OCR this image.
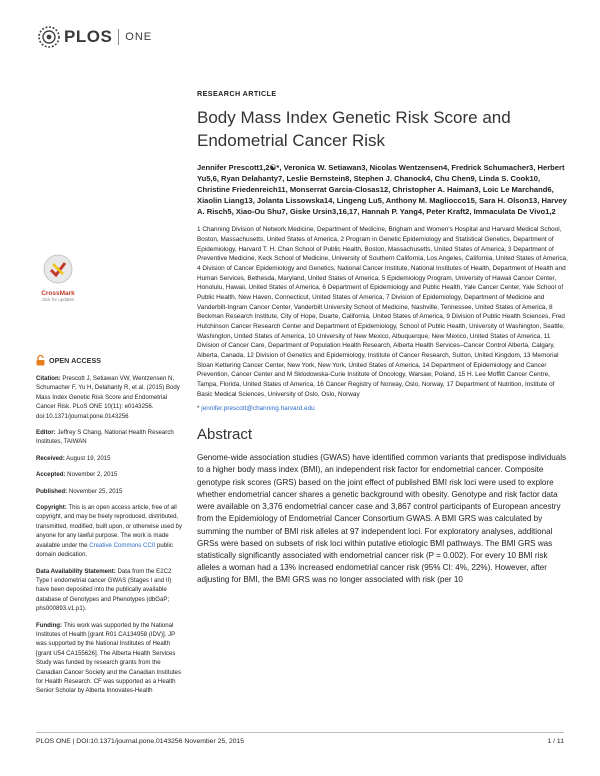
PLOS ONE
CrossMark
click for updates
OPEN ACCESS
Citation: Prescott J, Setiawan VW, Wentzensen N, Schumacher F, Yu H, Delahanty R, et al. (2015) Body Mass Index Genetic Risk Score and Endometrial Cancer Risk. PLoS ONE 10(11): e0143256. doi:10.1371/journal.pone.0143256
Editor: Jeffrey S Chang, National Health Research Institutes, TAIWAN
Received: August 19, 2015
Accepted: November 2, 2015
Published: November 25, 2015
Copyright: This is an open access article, free of all copyright, and may be freely reproduced, distributed, transmitted, modified, built upon, or otherwise used by anyone for any lawful purpose. The work is made available under the Creative Commons CC0 public domain dedication.
Data Availability Statement: Data from the E2C2 Type I endometrial cancer GWAS (Stages I and II) have been deposited into the publically available database of Genotypes and Phenotypes (dbGaP; phs000893.v1.p1).
Funding: This work was supported by the National Institutes of Health [grant R01 CA134958 (IDV)]. JP was supported by the National Institutes of Health [grant U54 CA155626]. The Alberta Health Services Study was funded by research grants from the Canadian Cancer Society and the Canadian Institutes for Health Research. CF was supported as a Health Senior Scholar by Alberta Innovates-Health
RESEARCH ARTICLE
Body Mass Index Genetic Risk Score and Endometrial Cancer Risk
Jennifer Prescott1,2☯*, Veronica W. Setiawan3, Nicolas Wentzensen4, Fredrick Schumacher3, Herbert Yu5,6, Ryan Delahanty7, Leslie Bernstein8, Stephen J. Chanock4, Chu Chen9, Linda S. Cook10, Christine Friedenreich11, Monserrat Garcia-Closas12, Christopher A. Haiman3, Loic Le Marchand6, Xiaolin Liang13, Jolanta Lissowska14, Lingeng Lu5, Anthony M. Magliocco15, Sara H. Olson13, Harvey A. Risch5, Xiao-Ou Shu7, Giske Ursin3,16,17, Hannah P. Yang4, Peter Kraft2, Immaculata De Vivo1,2
1 Channing Division of Network Medicine, Department of Medicine, Brigham and Women's Hospital and Harvard Medical School, Boston, Massachusetts, United States of America, 2 Program in Genetic Epidemiology and Statistical Genetics, Department of Epidemiology, Harvard T. H. Chan School of Public Health, Boston, Massachusetts, United States of America, 3 Department of Preventive Medicine, Keck School of Medicine, University of Southern California, Los Angeles, California, United States of America, 4 Division of Cancer Epidemiology and Genetics, National Cancer Institute, National Institutes of Health, Department of Health and Human Services, Bethesda, Maryland, United States of America, 5 Epidemiology Program, University of Hawaii Cancer Center, Honolulu, Hawaii, United States of America, 6 Department of Epidemiology and Public Health, Yale Cancer Center, Yale School of Public Health, New Haven, Connecticut, United States of America, 7 Division of Epidemiology, Department of Medicine and Vanderbilt-Ingram Cancer Center, Vanderbilt University School of Medicine, Nashville, Tennessee, United States of America, 8 Beckman Research Institute, City of Hope, Duarte, California, United States of America, 9 Division of Public Health Sciences, Fred Hutchinson Cancer Research Center and Department of Epidemiology, School of Public Health, University of Washington, Seattle, Washington, United States of America, 10 University of New Mexico, Albuquerque, New Mexico, United States of America, 11 Division of Cancer Care, Department of Population Health Research, Alberta Health Services–Cancer Control Alberta, Calgary, Alberta, Canada, 12 Division of Genetics and Epidemiology, Institute of Cancer Research, Sutton, United Kingdom, 13 Memorial Sloan Kettering Cancer Center, New York, New York, United States of America, 14 Department of Epidemiology and Cancer Prevention, Cancer Center and M Sklodowska-Curie Institute of Oncology, Warsaw, Poland, 15 H. Lee Moffitt Cancer Centre, Tampa, Florida, United States of America, 16 Cancer Registry of Norway, Oslo, Norway, 17 Department of Nutrition, Institute of Basic Medical Sciences, University of Oslo, Oslo, Norway
* jennifer.prescott@channing.harvard.edu
Abstract
Genome-wide association studies (GWAS) have identified common variants that predispose individuals to a higher body mass index (BMI), an independent risk factor for endometrial cancer. Composite genotype risk scores (GRS) based on the joint effect of published BMI risk loci were used to explore whether endometrial cancer shares a genetic background with obesity. Genotype and risk factor data were available on 3,376 endometrial cancer case and 3,867 control participants of European ancestry from the Epidemiology of Endometrial Cancer Consortium GWAS. A BMI GRS was calculated by summing the number of BMI risk alleles at 97 independent loci. For exploratory analyses, additional GRSs were based on subsets of risk loci within putative etiologic BMI pathways. The BMI GRS was statistically significantly associated with endometrial cancer risk (P = 0.002). For every 10 BMI risk alleles a woman had a 13% increased endometrial cancer risk (95% CI: 4%, 22%). However, after adjusting for BMI, the BMI GRS was no longer associated with risk (per 10
PLOS ONE | DOI:10.1371/journal.pone.0143256 November 25, 2015	1 / 11
